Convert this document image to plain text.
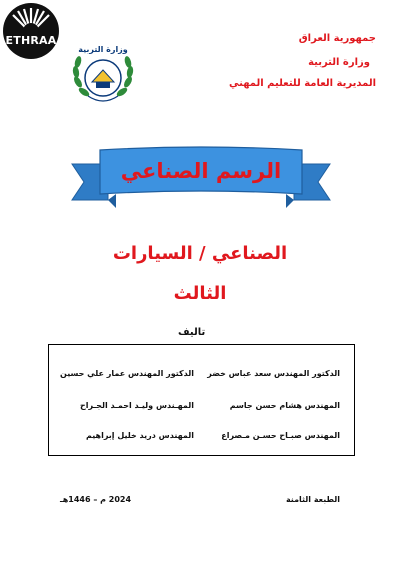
ETHRAA
وزارة التربية
جمهورية العراق
وزارة التربية
المديرية العامة للتعليم المهني
الرسم الصناعي
الصناعي / السيارات
الثالث
تاليف
الدكتور المهندس سعد عباس خضر
الدكتور المهندس عمار علي حسين
المهندس هشام حسن جاسم
المهـندس وليـد احمـد الجـراح
المهندس صبـاح حسـن مـصراع
المهندس دريد خليل إبراهيم
الطبعة الثامنة
2024 م – 1446هـ
